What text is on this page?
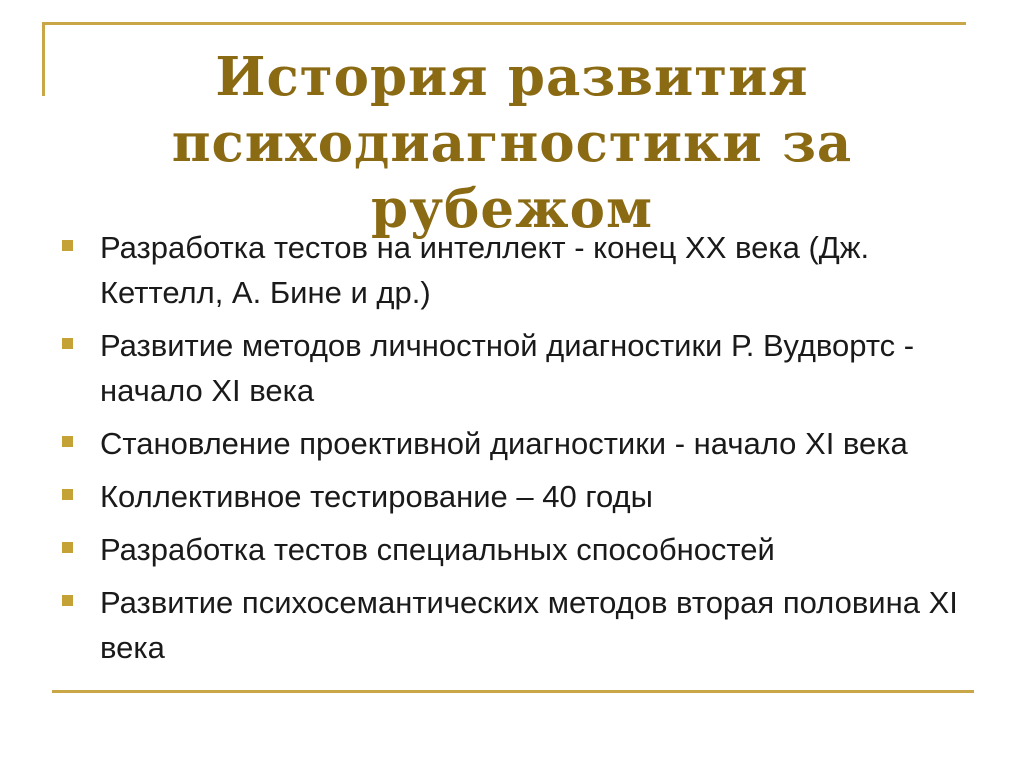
История развития психодиагностики за рубежом
Разработка тестов на интеллект - конец XX века (Дж. Кеттелл, А. Бине и др.)
Развитие методов личностной диагностики Р. Вудвортс - начало XI века
Становление проективной диагностики - начало XI века
Коллективное тестирование – 40 годы
Разработка тестов специальных способностей
Развитие психосемантических методов вторая половина XI века
